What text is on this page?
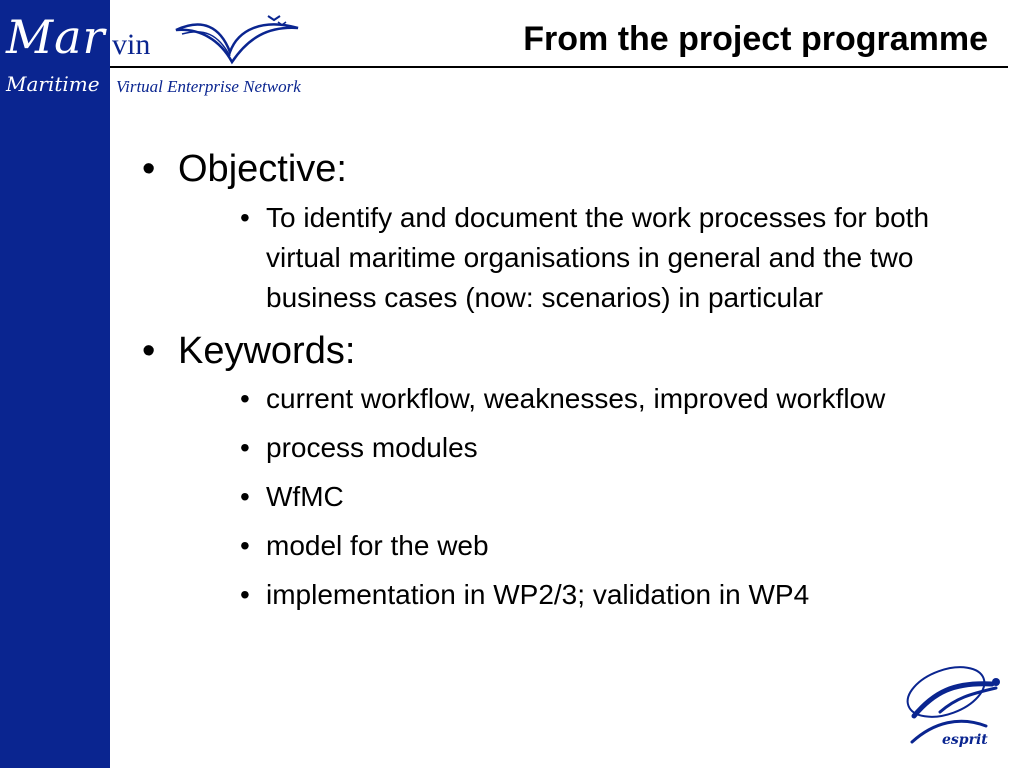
Mar vin
Maritime Virtual Enterprise Network
From the project programme
• Objective:
• To identify and document the work processes for both virtual maritime organisations in general and the two business cases (now: scenarios) in particular
• Keywords:
• current workflow, weaknesses, improved workflow
• process modules
• WfMC
• model for the web
• implementation in WP2/3; validation in WP4
esprit
